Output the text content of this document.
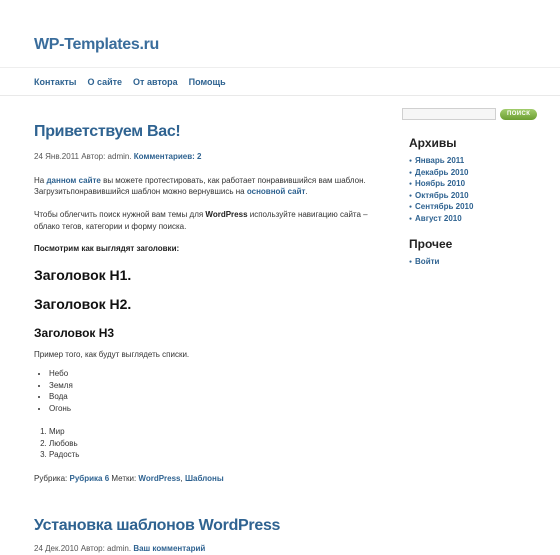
WP-Templates.ru
Контакты О сайте От автора Помощь
Приветствуем Вас!
24 Янв.2011 Автор: admin. Комментариев: 2

На данном сайте вы можете протестировать, как работает понравившийся вам шаблон. Загрузитьпонравившийся шаблон можно вернувшись на основной сайт.

Чтобы облегчить поиск нужной вам темы для WordPress используйте навигацию сайта – облако тегов, категории и форму поиска.

Посмотрим как выглядят заголовки:

Заголовок H1.
Заголовок H2.
Заголовок H3

Пример того, как будут выглядеть списки.

• Небо
• Земля
• Вода
• Огонь
1. Мир
2. Любовь
3. Радость
Рубрика: Рубрика 6 Метки: WordPress, Шаблоны
Установка шаблонов WordPress
24 Дек.2010 Автор: admin. Ваш комментарий
ПОИСК
Архивы
● Январь 2011
● Декабрь 2010
● Ноябрь 2010
● Октябрь 2010
● Сентябрь 2010
● Август 2010
Прочее
● Войти
